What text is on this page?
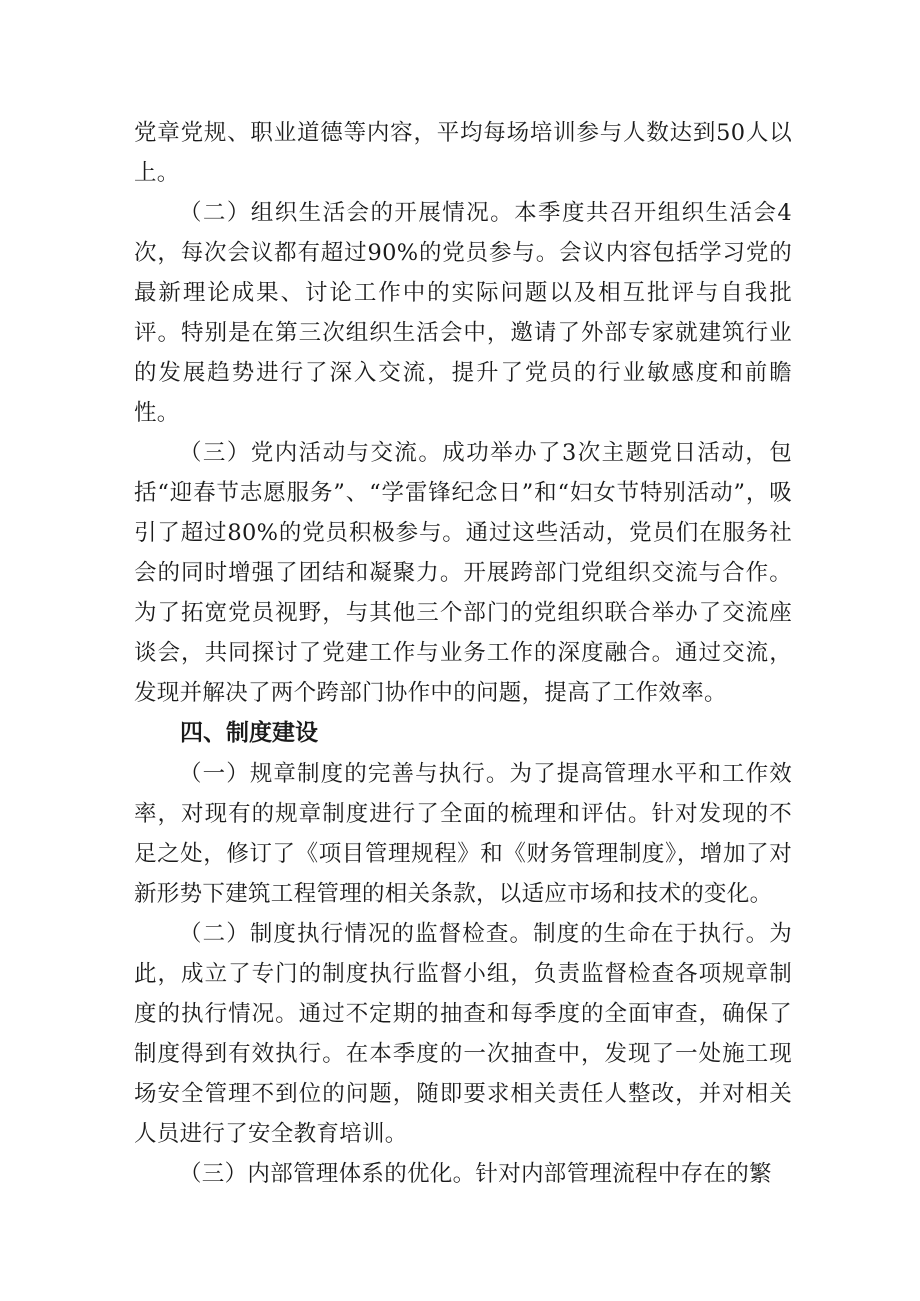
党章党规、职业道德等内容，平均每场培训参与人数达到50人以上。

（二）组织生活会的开展情况。本季度共召开组织生活会4次，每次会议都有超过90%的党员参与。会议内容包括学习党的最新理论成果、讨论工作中的实际问题以及相互批评与自我批评。特别是在第三次组织生活会中，邀请了外部专家就建筑行业的发展趋势进行了深入交流，提升了党员的行业敏感度和前瞻性。

（三）党内活动与交流。成功举办了3次主题党日活动，包括“迎春节志愿服务”、“学雷锋纪念日”和“妇女节特别活动”，吸引了超过80%的党员积极参与。通过这些活动，党员们在服务社会的同时增强了团结和凝聚力。开展跨部门党组织交流与合作。为了拓宽党员视野，与其他三个部门的党组织联合举办了交流座谈会，共同探讨了党建工作与业务工作的深度融合。通过交流，发现并解决了两个跨部门协作中的问题，提高了工作效率。

四、制度建设

（一）规章制度的完善与执行。为了提高管理水平和工作效率，对现有的规章制度进行了全面的梳理和评估。针对发现的不足之处，修订了《项目管理规程》和《财务管理制度》，增加了对新形势下建筑工程管理的相关条款，以适应市场和技术的变化。

（二）制度执行情况的监督检查。制度的生命在于执行。为此，成立了专门的制度执行监督小组，负责监督检查各项规章制度的执行情况。通过不定期的抽查和每季度的全面审查，确保了制度得到有效执行。在本季度的一次抽查中，发现了一处施工现场安全管理不到位的问题，随即要求相关责任人整改，并对相关人员进行了安全教育培训。

（三）内部管理体系的优化。针对内部管理流程中存在的繁
